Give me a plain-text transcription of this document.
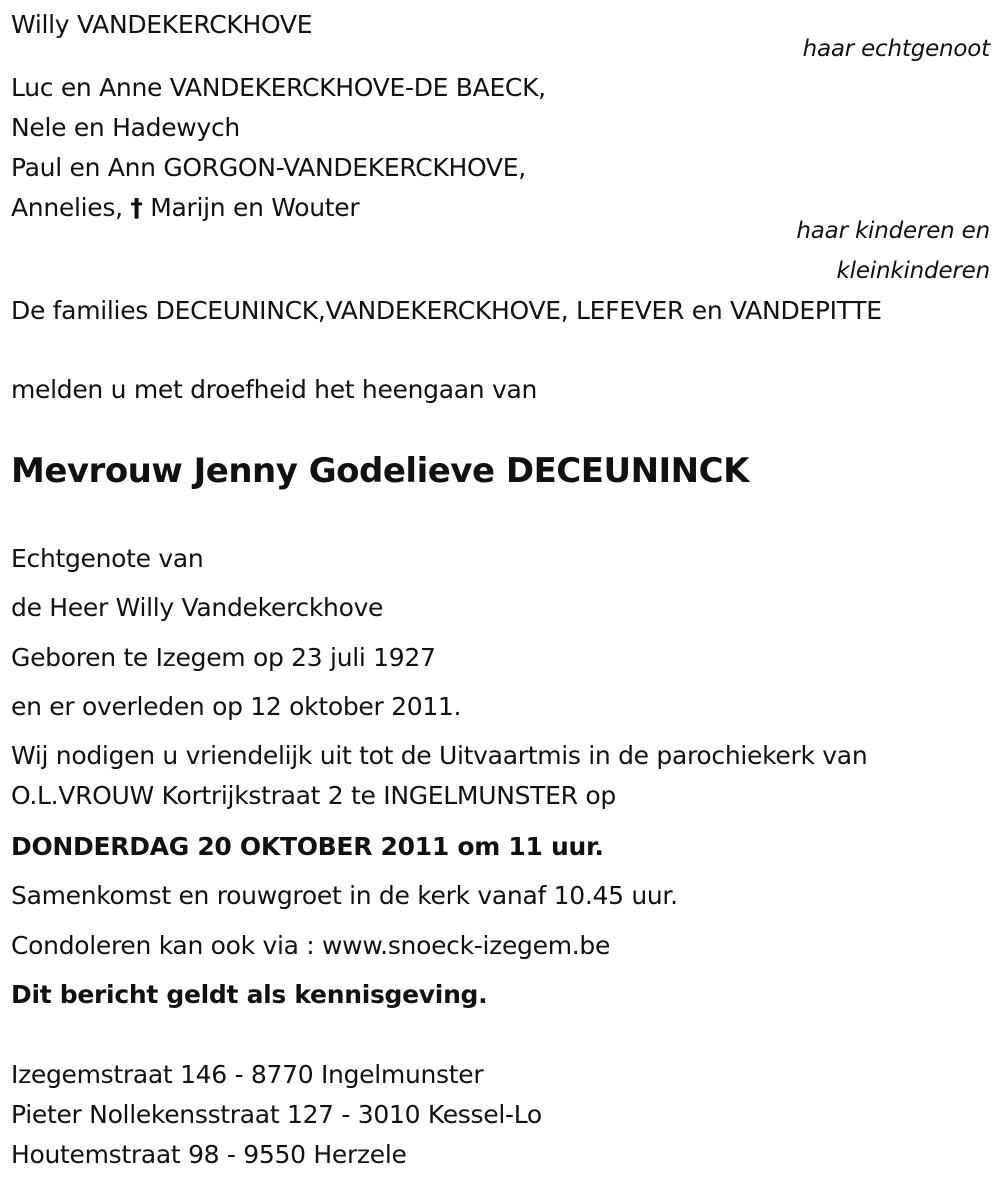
Willy VANDEKERCKHOVE
haar echtgenoot
Luc en Anne VANDEKERCKHOVE-DE BAECK,
Nele en Hadewych
Paul en Ann GORGON-VANDEKERCKHOVE,
Annelies, † Marijn en Wouter
haar kinderen en
kleinkinderen
De families DECEUNINCK,VANDEKERCKHOVE, LEFEVER en VANDEPITTE
melden u met droefheid het heengaan van
Mevrouw Jenny Godelieve DECEUNINCK
Echtgenote van
de Heer Willy Vandekerckhove
Geboren te Izegem op 23 juli 1927
en er overleden op 12 oktober 2011.
Wij nodigen u vriendelijk uit tot de Uitvaartmis in de parochiekerk van
O.L.VROUW Kortrijkstraat 2 te INGELMUNSTER op
DONDERDAG 20 OKTOBER 2011 om 11 uur.
Samenkomst en rouwgroet in de kerk vanaf 10.45 uur.
Condoleren kan ook via : www.snoeck-izegem.be
Dit bericht geldt als kennisgeving.
Izegemstraat 146 - 8770 Ingelmunster
Pieter Nollekensstraat 127 - 3010 Kessel-Lo
Houtemstraat 98 - 9550 Herzele
